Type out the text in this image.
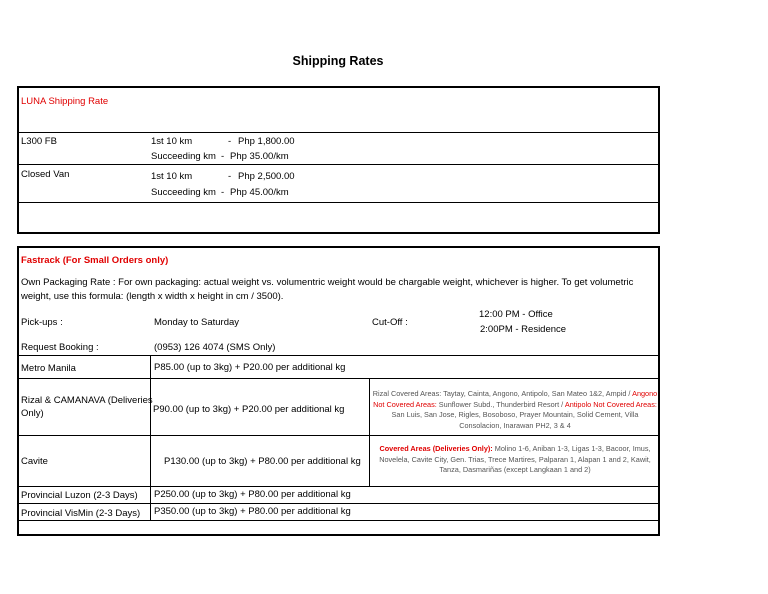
Shipping Rates
LUNA Shipping Rate
L300 FB	1st 10 km	- Php 1,800.00
Succeeding km - Php 35.00/km
Closed Van	1st 10 km	- Php 2,500.00
Succeeding km - Php 45.00/km
Fastrack (For Small Orders only)
Own Packaging Rate : For own packaging: actual weight vs. volumentric weight would be chargable weight, whichever is higher. To get volumetric
weight, use this formula: (length x width x height in cm / 3500).
Pick-ups :	Monday to Saturday	Cut-Off :
12:00 PM - Office
2:00PM - Residence
Request Booking :	(0953) 126 4074 (SMS Only)
Metro Manila	P85.00 (up to 3kg) + P20.00 per additional kg
Rizal & CAMANAVA (Deliveries
Only)	P90.00 (up to 3kg) + P20.00 per additional kg
Rizal Covered Areas: Taytay, Cainta, Angono, Antipolo, San Mateo 1&2, Ampid / Angono Not Covered Areas: Sunflower Subd., Thunderbird Resort / Antipolo Not Covered Areas: San Luis, San Jose, Rigles, Bosoboso, Prayer Mountain, Solid Cement, Villa Consolacion, Inarawan PH2, 3 & 4
Cavite	P130.00 (up to 3kg) + P80.00 per additional kg
Covered Areas (Deliveries Only): Molino 1-6, Aniban 1-3, Ligas 1-3, Bacoor, Imus, Novelela, Cavite City, Gen. Trias, Trece Martires, Palparan 1, Alapan 1 and 2, Kawit, Tanza, Dasmariñas (except Langkaan 1 and 2)
Provincial Luzon (2-3 Days) P250.00 (up to 3kg) + P80.00 per additional kg
Provincial VisMin (2-3 Days) P350.00 (up to 3kg) + P80.00 per additional kg
